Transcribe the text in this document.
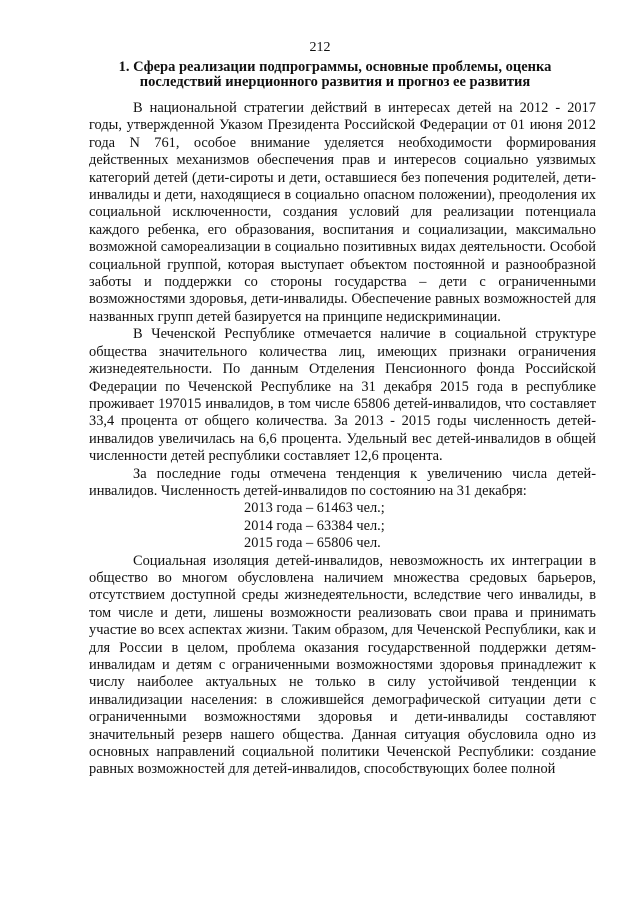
212
1. Сфера реализации подпрограммы, основные проблемы, оценка
последствий инерционного развития и прогноз ее развития

В национальной стратегии действий в интересах детей на 2012 - 2017 годы, утвержденной Указом Президента Российской Федерации от 01 июня 2012 года N 761, особое внимание уделяется необходимости формирования действенных механизмов обеспечения прав и интересов социально уязвимых категорий детей (дети-сироты и дети, оставшиеся без попечения родителей, дети-инвалиды и дети, находящиеся в социально опасном положении), преодоления их социальной исключенности, создания условий для реализации потенциала каждого ребенка, его образования, воспитания и социализации, максимально возможной самореализации в социально позитивных видах деятельности. Особой социальной группой, которая выступает объектом постоянной и разнообразной заботы и поддержки со стороны государства – дети с ограниченными возможностями здоровья, дети-инвалиды. Обеспечение равных возможностей для названных групп детей базируется на принципе недискриминации.

В Чеченской Республике отмечается наличие в социальной структуре общества значительного количества лиц, имеющих признаки ограничения жизнедеятельности. По данным Отделения Пенсионного фонда Российской Федерации по Чеченской Республике на 31 декабря 2015 года в республике проживает 197015 инвалидов, в том числе 65806 детей-инвалидов, что составляет 33,4 процента от общего количества. За 2013 - 2015 годы численность детей-инвалидов увеличилась на 6,6 процента. Удельный вес детей-инвалидов в общей численности детей республики составляет 12,6 процента.

За последние годы отмечена тенденция к увеличению числа детей-инвалидов. Численность детей-инвалидов по состоянию на 31 декабря:

2013 года – 61463 чел.;
2014 года – 63384 чел.;
2015 года – 65806 чел.

Социальная изоляция детей-инвалидов, невозможность их интеграции в общество во многом обусловлена наличием множества средовых барьеров, отсутствием доступной среды жизнедеятельности, вследствие чего инвалиды, в том числе и дети, лишены возможности реализовать свои права и принимать участие во всех аспектах жизни. Таким образом, для Чеченской Республики, как и для России в целом, проблема оказания государственной поддержки детям-инвалидам и детям с ограниченными возможностями здоровья принадлежит к числу наиболее актуальных не только в силу устойчивой тенденции к инвалидизации населения: в сложившейся демографической ситуации дети с ограниченными возможностями здоровья и дети-инвалиды составляют значительный резерв нашего общества. Данная ситуация обусловила одно из основных направлений социальной политики Чеченской Республики: создание равных возможностей для детей-инвалидов, способствующих более полной
